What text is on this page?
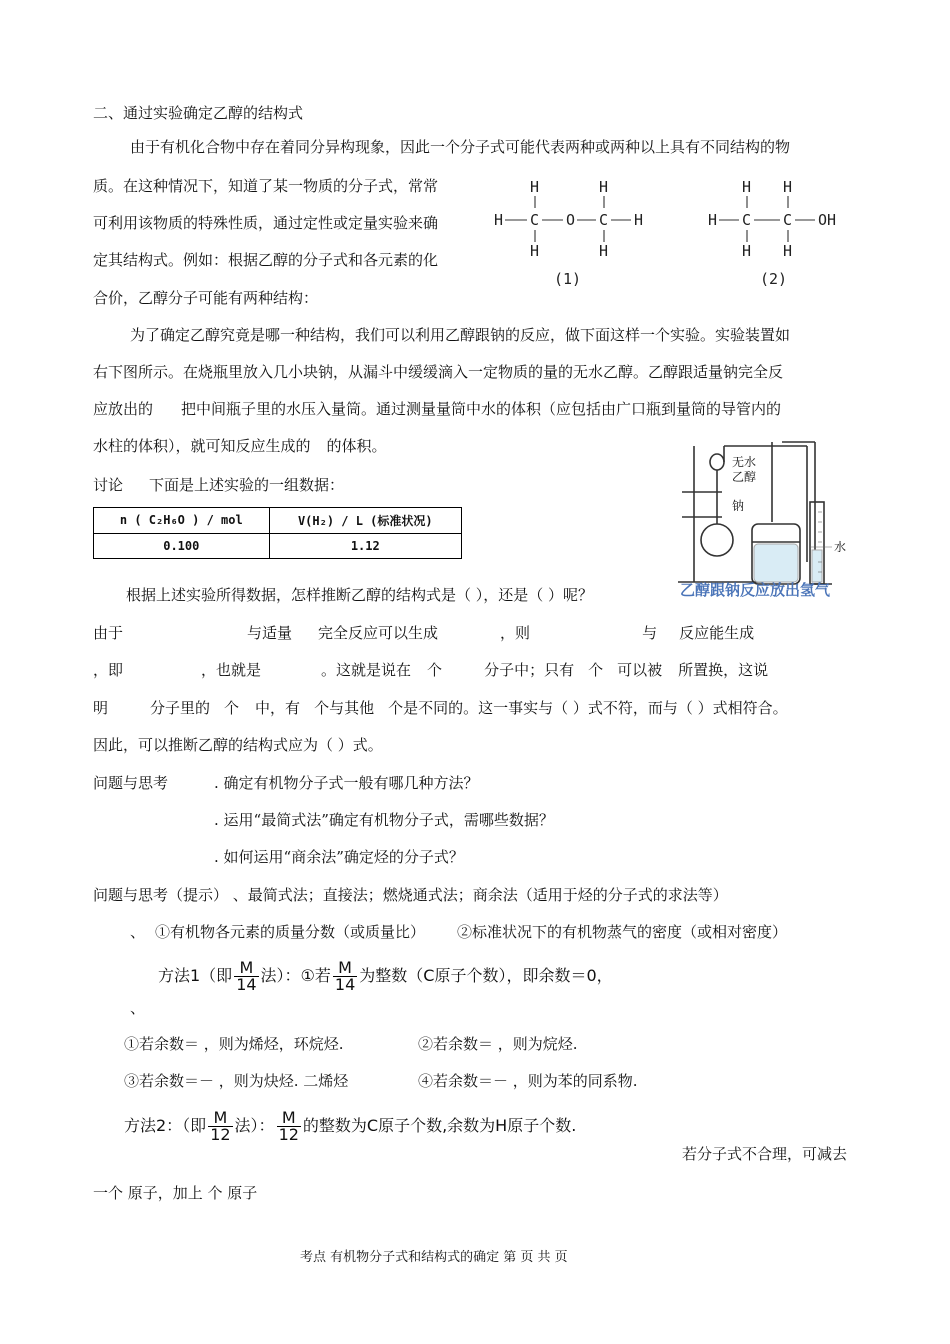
二、通过实验确定乙醇的结构式
由于有机化合物中存在着同分异构现象，因此一个分子式可能代表两种或两种以上具有不同结构的物
质。在这种情况下，知道了某一物质的分子式，常常
可利用该物质的特殊性质，通过定性或定量实验来确
定其结构式。例如：根据乙醇的分子式和各元素的化
合价，乙醇分子可能有两种结构：
H	H
H C O C H
H	H
(1)
H H
H C C OH
H H
(2)
为了确定乙醇究竟是哪一种结构，我们可以利用乙醇跟钠的反应，做下面这样一个实验。实验装置如
右下图所示。在烧瓶里放入几小块钠，从漏斗中缓缓滴入一定物质的量的无水乙醇。乙醇跟适量钠完全反
应放出的 把中间瓶子里的水压入量筒。通过测量量筒中水的体积（应包括由广口瓶到量筒的导管内的
水柱的体积），就可知反应生成的 的体积。
无水
乙醇
钠
水
乙醇跟钠反应放出氢气
讨论 下面是上述实验的一组数据：
n ( C₂H₆O ) / mol	V(H₂) / L (标准状况)
0.100	1.12
根据上述实验所得数据，怎样推断乙醇的结构式是（ ），还是（ ）呢？
由于	与适量 完全反应可以生成	，则	与 反应能生成
，即	，也就是	。这就是说在 个	分子中；只有 个 可以被 所置换，这说
明	分子里的 个 中，有 个与其他 个是不同的。这一事实与（ ）式不符，而与（ ）式相符合。
因此，可以推断乙醇的结构式应为（ ）式。
问题与思考	. 确定有机物分子式一般有哪几种方法？
. 运用“最简式法”确定有机物分子式，需哪些数据？
. 如何运用“商余法”确定烃的分子式？
问题与思考（提示） 、最简式法；直接法；燃烧通式法；商余法（适用于烃的分子式的求法等）
、 ①有机物各元素的质量分数（或质量比） ②标准状况下的有机物蒸气的密度（或相对密度）
方法1（即 $\frac{M}{14}$ 法）：①若 $\frac{M}{14}$ 为整数（C原子个数），即余数＝0，
、
①若余数＝ ，则为烯烃，环烷烃.	②若余数＝ ，则为烷烃.
③若余数＝－ ，则为炔烃. 二烯烃	④若余数＝－ ，则为苯的同系物.
方法2：（即 $\frac{M}{12}$ 法）： $\frac{M}{12}$ 的整数为C原子个数,余数为H原子个数.
若分子式不合理，可减去
一个 原子，加上 个 原子
考点 有机物分子式和结构式的确定 第 页 共 页
